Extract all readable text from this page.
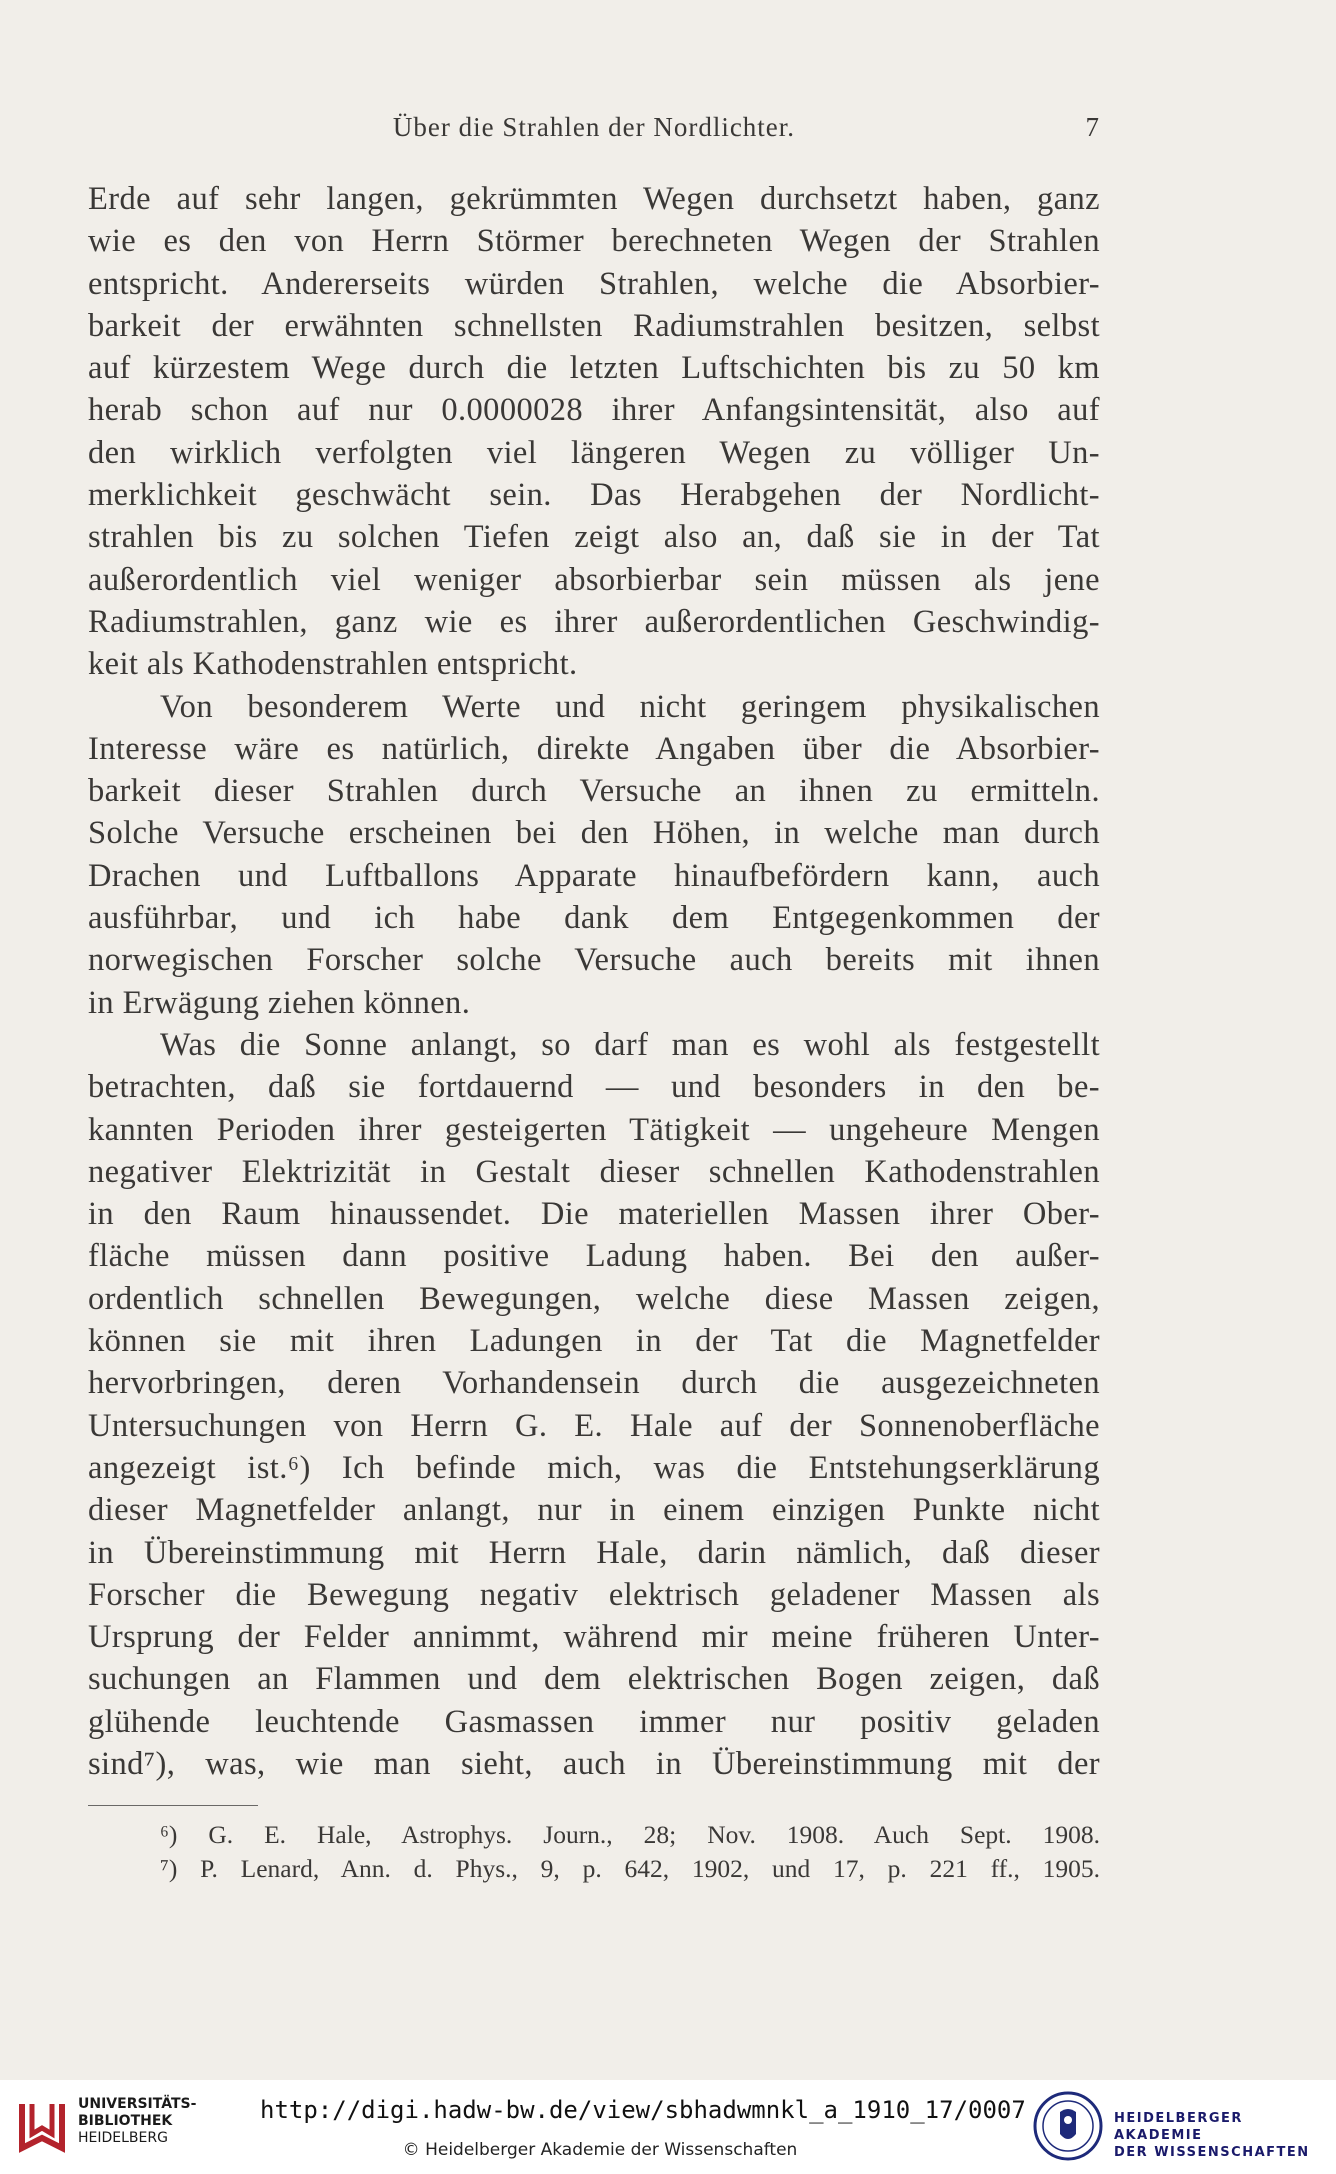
Über die Strahlen der Nordlichter.	7
Erde auf sehr langen, gekrümmten Wegen durchsetzt haben, ganz
wie es den von Herrn Störmer berechneten Wegen der Strahlen
entspricht. Andererseits würden Strahlen, welche die Absorbier-
barkeit der erwähnten schnellsten Radiumstrahlen besitzen, selbst
auf kürzestem Wege durch die letzten Luftschichten bis zu 50 km
herab schon auf nur 0.0000028 ihrer Anfangsintensität, also auf
den wirklich verfolgten viel längeren Wegen zu völliger Un-
merklichkeit geschwächt sein. Das Herabgehen der Nordlicht-
strahlen bis zu solchen Tiefen zeigt also an, daß sie in der Tat
außerordentlich viel weniger absorbierbar sein müssen als jene
Radiumstrahlen, ganz wie es ihrer außerordentlichen Geschwindig-
keit als Kathodenstrahlen entspricht.
Von besonderem Werte und nicht geringem physikalischen
Interesse wäre es natürlich, direkte Angaben über die Absorbier-
barkeit dieser Strahlen durch Versuche an ihnen zu ermitteln.
Solche Versuche erscheinen bei den Höhen, in welche man durch
Drachen und Luftballons Apparate hinaufbefördern kann, auch
ausführbar, und ich habe dank dem Entgegenkommen der
norwegischen Forscher solche Versuche auch bereits mit ihnen
in Erwägung ziehen können.
Was die Sonne anlangt, so darf man es wohl als festgestellt
betrachten, daß sie fortdauernd — und besonders in den be-
kannten Perioden ihrer gesteigerten Tätigkeit — ungeheure Mengen
negativer Elektrizität in Gestalt dieser schnellen Kathodenstrahlen
in den Raum hinaussendet. Die materiellen Massen ihrer Ober-
fläche müssen dann positive Ladung haben. Bei den außer-
ordentlich schnellen Bewegungen, welche diese Massen zeigen,
können sie mit ihren Ladungen in der Tat die Magnetfelder
hervorbringen, deren Vorhandensein durch die ausgezeichneten
Untersuchungen von Herrn G. E. Hale auf der Sonnenoberfläche
angezeigt ist.⁶) Ich befinde mich, was die Entstehungserklärung
dieser Magnetfelder anlangt, nur in einem einzigen Punkte nicht
in Übereinstimmung mit Herrn Hale, darin nämlich, daß dieser
Forscher die Bewegung negativ elektrisch geladener Massen als
Ursprung der Felder annimmt, während mir meine früheren Unter-
suchungen an Flammen und dem elektrischen Bogen zeigen, daß
glühende leuchtende Gasmassen immer nur positiv geladen
sind⁷), was, wie man sieht, auch in Übereinstimmung mit der
⁶) G. E. Hale, Astrophys. Journ., 28; Nov. 1908. Auch Sept. 1908.
⁷) P. Lenard, Ann. d. Phys., 9, p. 642, 1902, und 17, p. 221 ff., 1905.
UNIVERSITÄTS-
BIBLIOTHEK
HEIDELBERG
http://digi.hadw-bw.de/view/sbhadwmnkl_a_1910_17/0007
© Heidelberger Akademie der Wissenschaften
HEIDELBERGER AKADEMIE
DER WISSENSCHAFTEN
